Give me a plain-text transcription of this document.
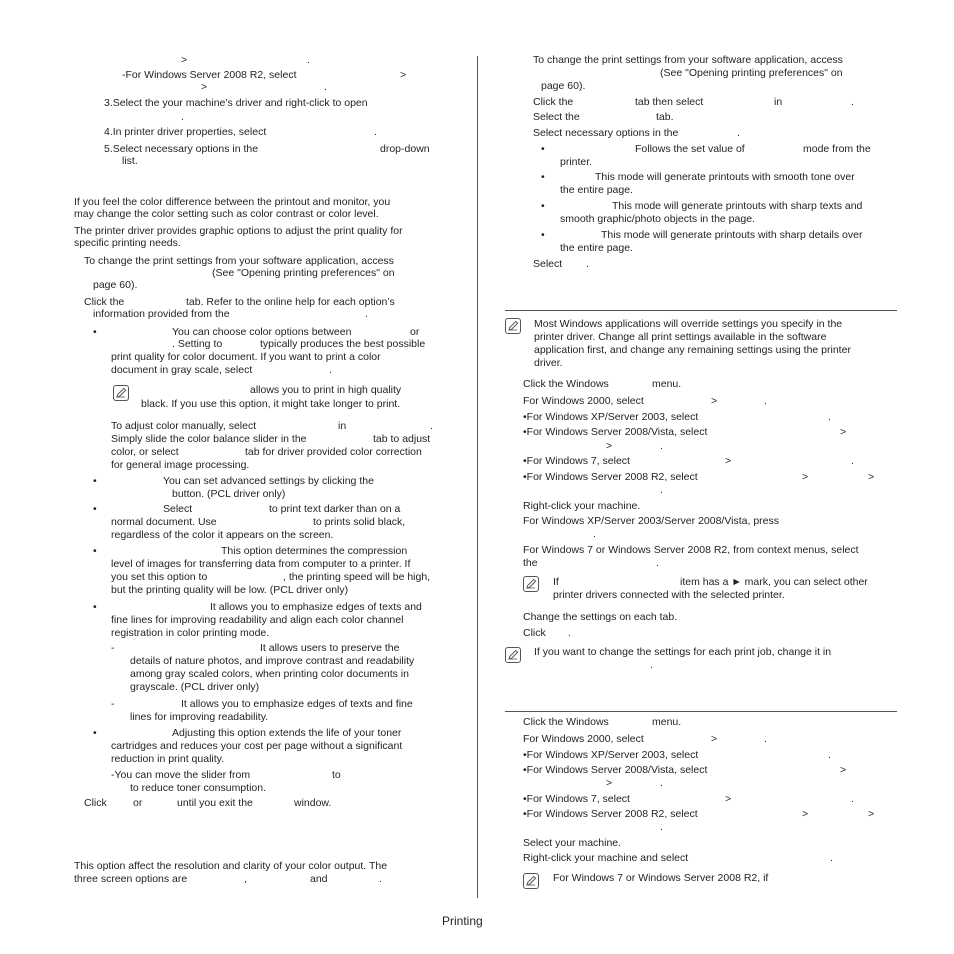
>	.
-For Windows Server 2008 R2, select	>
>	.
3.Select the your machine’s driver and right-click to open
.
4.In printer driver properties, select	.
5.Select necessary options in the	drop-down
list.
If you feel the color difference between the printout and monitor, you
may change the color setting such as color contrast or color level.
The printer driver provides graphic options to adjust the print quality for
specific printing needs.
To change the print settings from your software application, access
(See "Opening printing preferences" on
page 60).
Click the	tab. Refer to the online help for each option’s
information provided from the	.
•	You can choose color options between	or
. Setting to	typically produces the best possible
print quality for color document. If you want to print a color
document in gray scale, select	.
allows you to print in high quality
black. If you use this option, it might take longer to print.
To adjust color manually, select	in	.
Simply slide the color balance slider in the	tab to adjust
color, or select	tab for driver provided color correction
for general image processing.
•	You can set advanced settings by clicking the
button. (PCL driver only)
•	Select	to print text darker than on a
normal document. Use	to prints solid black,
regardless of the color it appears on the screen.
•	This option determines the compression
level of images for transferring data from computer to a printer. If
you set this option to	, the printing speed will be high,
but the printing quality will be low. (PCL driver only)
•	It allows you to emphasize edges of texts and
fine lines for improving readability and align each color channel
registration in color printing mode.
-	It allows users to preserve the
details of nature photos, and improve contrast and readability
among gray scaled colors, when printing color documents in
grayscale. (PCL driver only)
-	It allows you to emphasize edges of texts and fine
lines for improving readability.
•	Adjusting this option extends the life of your toner
cartridges and reduces your cost per page without a significant
reduction in print quality.
-You can move the slider from	to
to reduce toner consumption.
Click	or	until you exit the	window.
This option affect the resolution and clarity of your color output. The
three screen options are	,	and	.
To change the print settings from your software application, access
(See "Opening printing preferences" on
page 60).
Click the	tab then select	in	.
Select the	tab.
Select necessary options in the	.
•	Follows the set value of	mode from the
printer.
•	This mode will generate printouts with smooth tone over
the entire page.
•	This mode will generate printouts with sharp texts and
smooth graphic/photo objects in the page.
•	This mode will generate printouts with sharp details over
the entire page.
Select .
Most Windows applications will override settings you specify in the
printer driver. Change all print settings available in the software
application first, and change any remaining settings using the printer
driver.
Click the Windows	menu.
For Windows 2000, select	>	.
•For Windows XP/Server 2003, select	.
•For Windows Server 2008/Vista, select	>
>	.
•For Windows 7, select	>	.
•For Windows Server 2008 R2, select	>	>
.
Right-click your machine.
For Windows XP/Server 2003/Server 2008/Vista, press
.
For Windows 7 or Windows Server 2008 R2, from context menus, select
the	.
If	item has a ► mark, you can select other
printer drivers connected with the selected printer.
Change the settings on each tab.
Click .
If you want to change the settings for each print job, change it in
.
Click the Windows	menu.
For Windows 2000, select	>	.
•For Windows XP/Server 2003, select	.
•For Windows Server 2008/Vista, select	>
>	.
•For Windows 7, select	>	.
•For Windows Server 2008 R2, select	>	>
.
Select your machine.
Right-click your machine and select	.
For Windows 7 or Windows Server 2008 R2, if
Printing
